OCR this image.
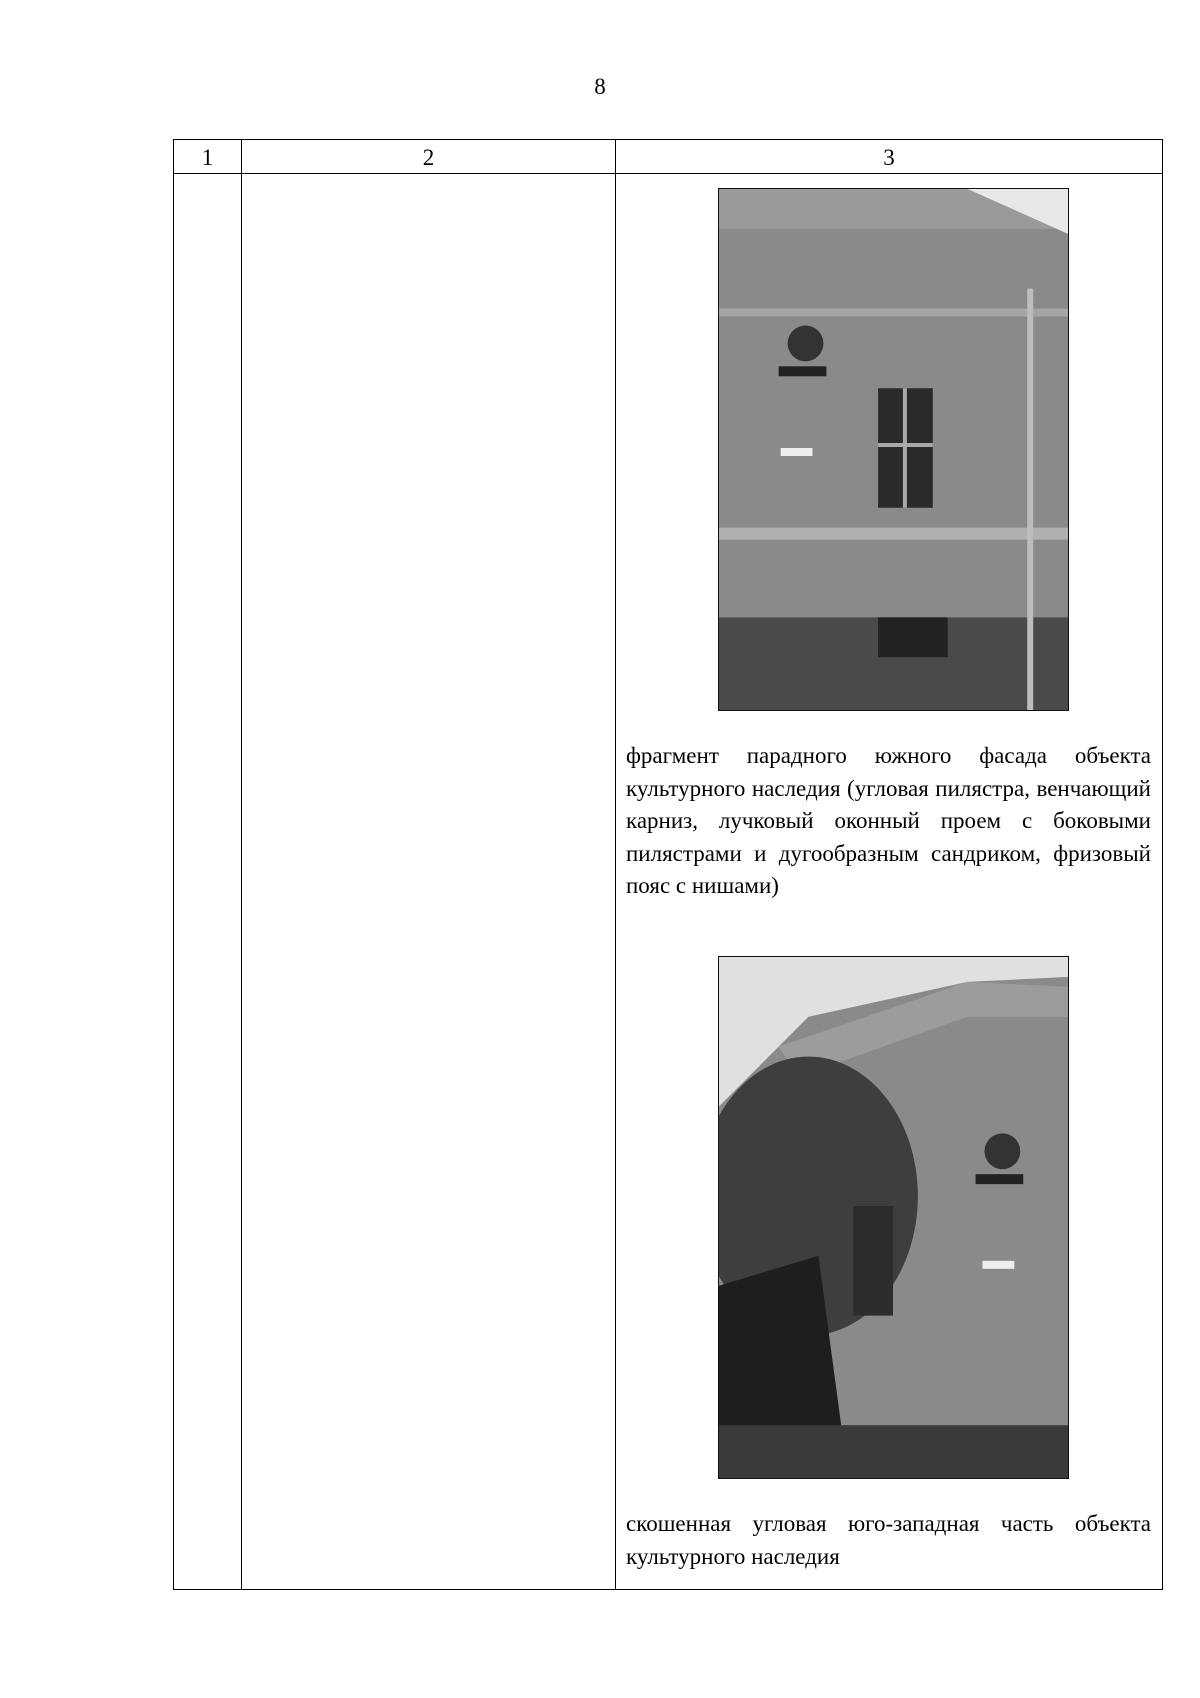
8
1	2	3
фрагмент парадного южного фасада объекта культурного наследия (угловая пилястра, венчающий карниз, лучковый оконный проем с боковыми пилястрами и дугообразным сандриком, фризовый пояс с нишами)
скошенная угловая юго-западная часть объекта культурного наследия
